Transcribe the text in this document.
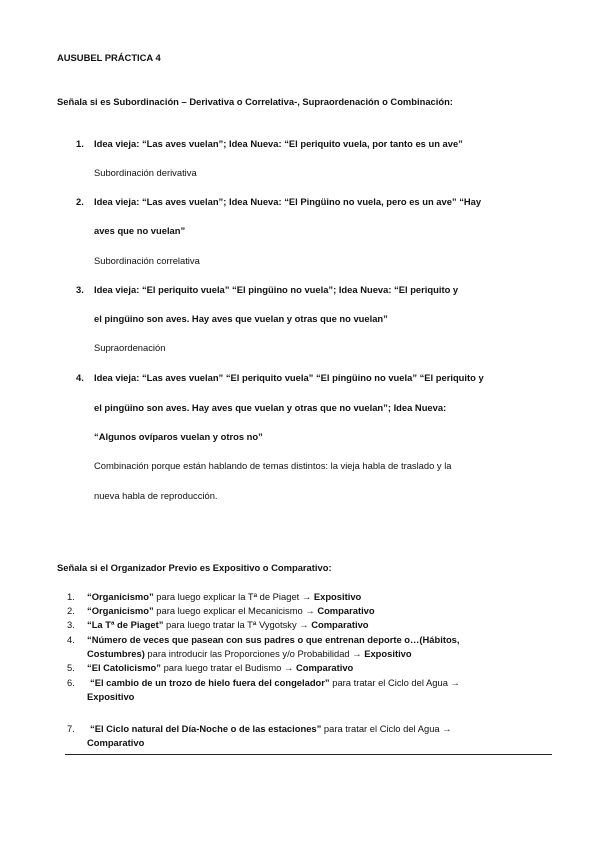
AUSUBEL PRÁCTICA 4
Señala si es Subordinación – Derivativa o Correlativa-, Supraordenación o Combinación:
1. Idea vieja: “Las aves vuelan”; Idea Nueva: “El periquito vuela, por tanto es un ave”
Subordinación derivativa
2. Idea vieja: “Las aves vuelan”; Idea Nueva: “El Pingüino no vuela, pero es un ave” “Hay
aves que no vuelan”
Subordinación correlativa
3. Idea vieja: “El periquito vuela” “El pingüino no vuela”; Idea Nueva: “El periquito y
el pingüino son aves. Hay aves que vuelan y otras que no vuelan”
Supraordenación
4. Idea vieja: “Las aves vuelan” “El periquito vuela” “El pingüino no vuela” “El periquito y
el pingüino son aves. Hay aves que vuelan y otras que no vuelan”; Idea Nueva:
“Algunos ovíparos vuelan y otros no”
Combinación porque están hablando de temas distintos: la vieja habla de traslado y la
nueva habla de reproducción.
Señala si el Organizador Previo es Expositivo o Comparativo:
1. “Organicismo” para luego explicar la Tª de Piaget → Expositivo
2. “Organicismo” para luego explicar el Mecanicismo → Comparativo
3. “La Tª de Piaget” para luego tratar la Tª Vygotsky → Comparativo
4. “Número de veces que pasean con sus padres o que entrenan deporte o…(Hábitos,
Costumbres) para introducir las Proporciones y/o Probabilidad → Expositivo
5. “El Catolicismo” para luego tratar el Budismo → Comparativo
6. “El cambio de un trozo de hielo fuera del congelador” para tratar el Ciclo del Agua →
Expositivo
7. “El Ciclo natural del Día-Noche o de las estaciones” para tratar el Ciclo del Agua →
Comparativo
